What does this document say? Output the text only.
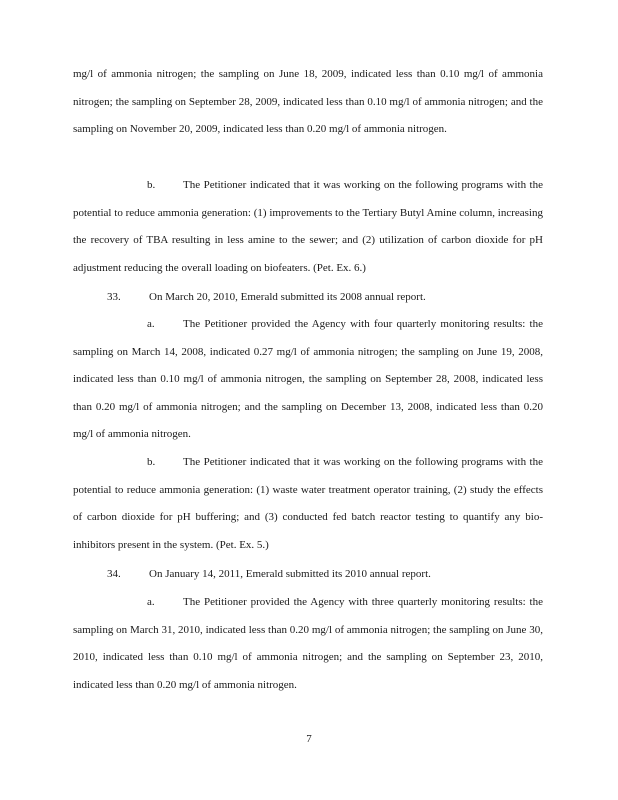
mg/l of ammonia nitrogen; the sampling on June 18, 2009, indicated less than 0.10 mg/l of ammonia nitrogen; the sampling on September 28, 2009, indicated less than 0.10 mg/l of ammonia nitrogen; and the sampling on November 20, 2009, indicated less than 0.20 mg/l of ammonia nitrogen.

b.	The Petitioner indicated that it was working on the following programs with the potential to reduce ammonia generation: (1) improvements to the Tertiary Butyl Amine column, increasing the recovery of TBA resulting in less amine to the sewer; and (2) utilization of carbon dioxide for pH adjustment reducing the overall loading on biofeaters. (Pet. Ex. 6.)

33.	On March 20, 2010, Emerald submitted its 2008 annual report.

a.	The Petitioner provided the Agency with four quarterly monitoring results: the sampling on March 14, 2008, indicated 0.27 mg/l of ammonia nitrogen; the sampling on June 19, 2008, indicated less than 0.10 mg/l of ammonia nitrogen, the sampling on September 28, 2008, indicated less than 0.20 mg/l of ammonia nitrogen; and the sampling on December 13, 2008, indicated less than 0.20 mg/l of ammonia nitrogen.

b.	The Petitioner indicated that it was working on the following programs with the potential to reduce ammonia generation: (1) waste water treatment operator training, (2) study the effects of carbon dioxide for pH buffering; and (3) conducted fed batch reactor testing to quantify any bio-inhibitors present in the system. (Pet. Ex. 5.)

34.	On January 14, 2011, Emerald submitted its 2010 annual report.

a.	The Petitioner provided the Agency with three quarterly monitoring results: the sampling on March 31, 2010, indicated less than 0.20 mg/l of ammonia nitrogen; the sampling on June 30, 2010, indicated less than 0.10 mg/l of ammonia nitrogen; and the sampling on September 23, 2010, indicated less than 0.20 mg/l of ammonia nitrogen.

7
